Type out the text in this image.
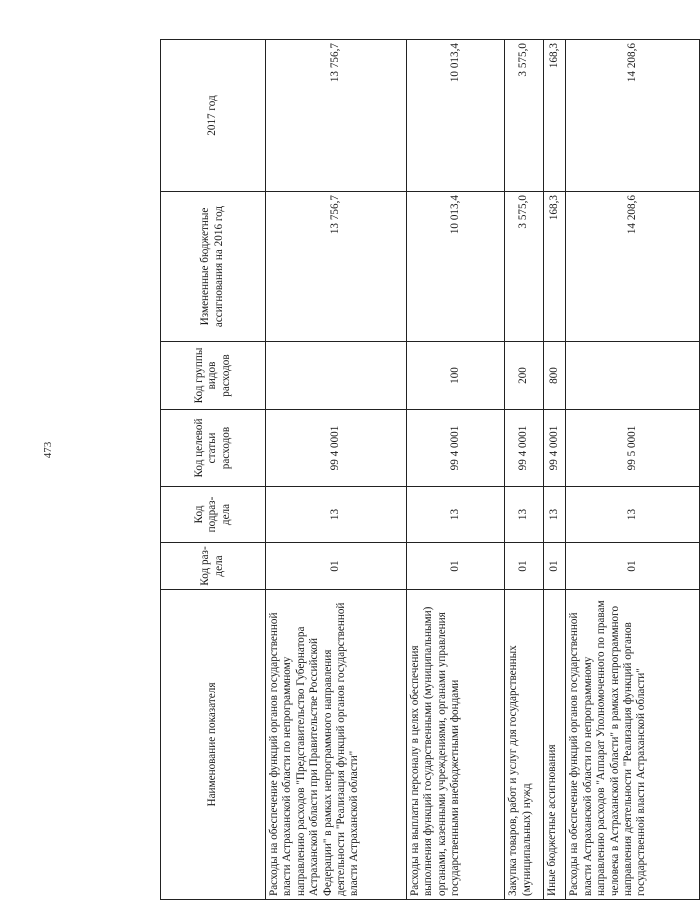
473
Наименование показателя	Код раз- дела	Код подраз- дела	Код целевой статьи расходов	Код группы видов расходов	Измененные бюджетные ассигнования на 2016 год	2017 год
Расходы на обеспечение функций органов государственной власти Астраханской области по непрограммному направлению расходов "Представительство Губернатора Астраханской области при Правительстве Российской Федерации" в рамках непрограммного направления деятельности "Реализация функций органов государственной власти Астраханской области"	01	13	99 4 0001		13 756,7	13 756,7
Расходы на выплаты персоналу в целях обеспечения выполнения функций государственными (муниципальными) органами, казенными учреждениями, органами управления государственными внебюджетными фондами	01	13	99 4 0001	100	10 013,4	10 013,4
Закупка товаров, работ и услуг для государственных (муниципальных) нужд	01	13	99 4 0001	200	3 575,0	3 575,0
Иные бюджетные ассигнования	01	13	99 4 0001	800	168,3	168,3
Расходы на обеспечение функций органов государственной власти Астраханской области по непрограммному направлению расходов "Аппарат Уполномоченного по правам человека в Астраханской области" в рамках непрограммного направления деятельности "Реализация функций органов государственной власти Астраханской области"	01	13	99 5 0001		14 208,6	14 208,6
